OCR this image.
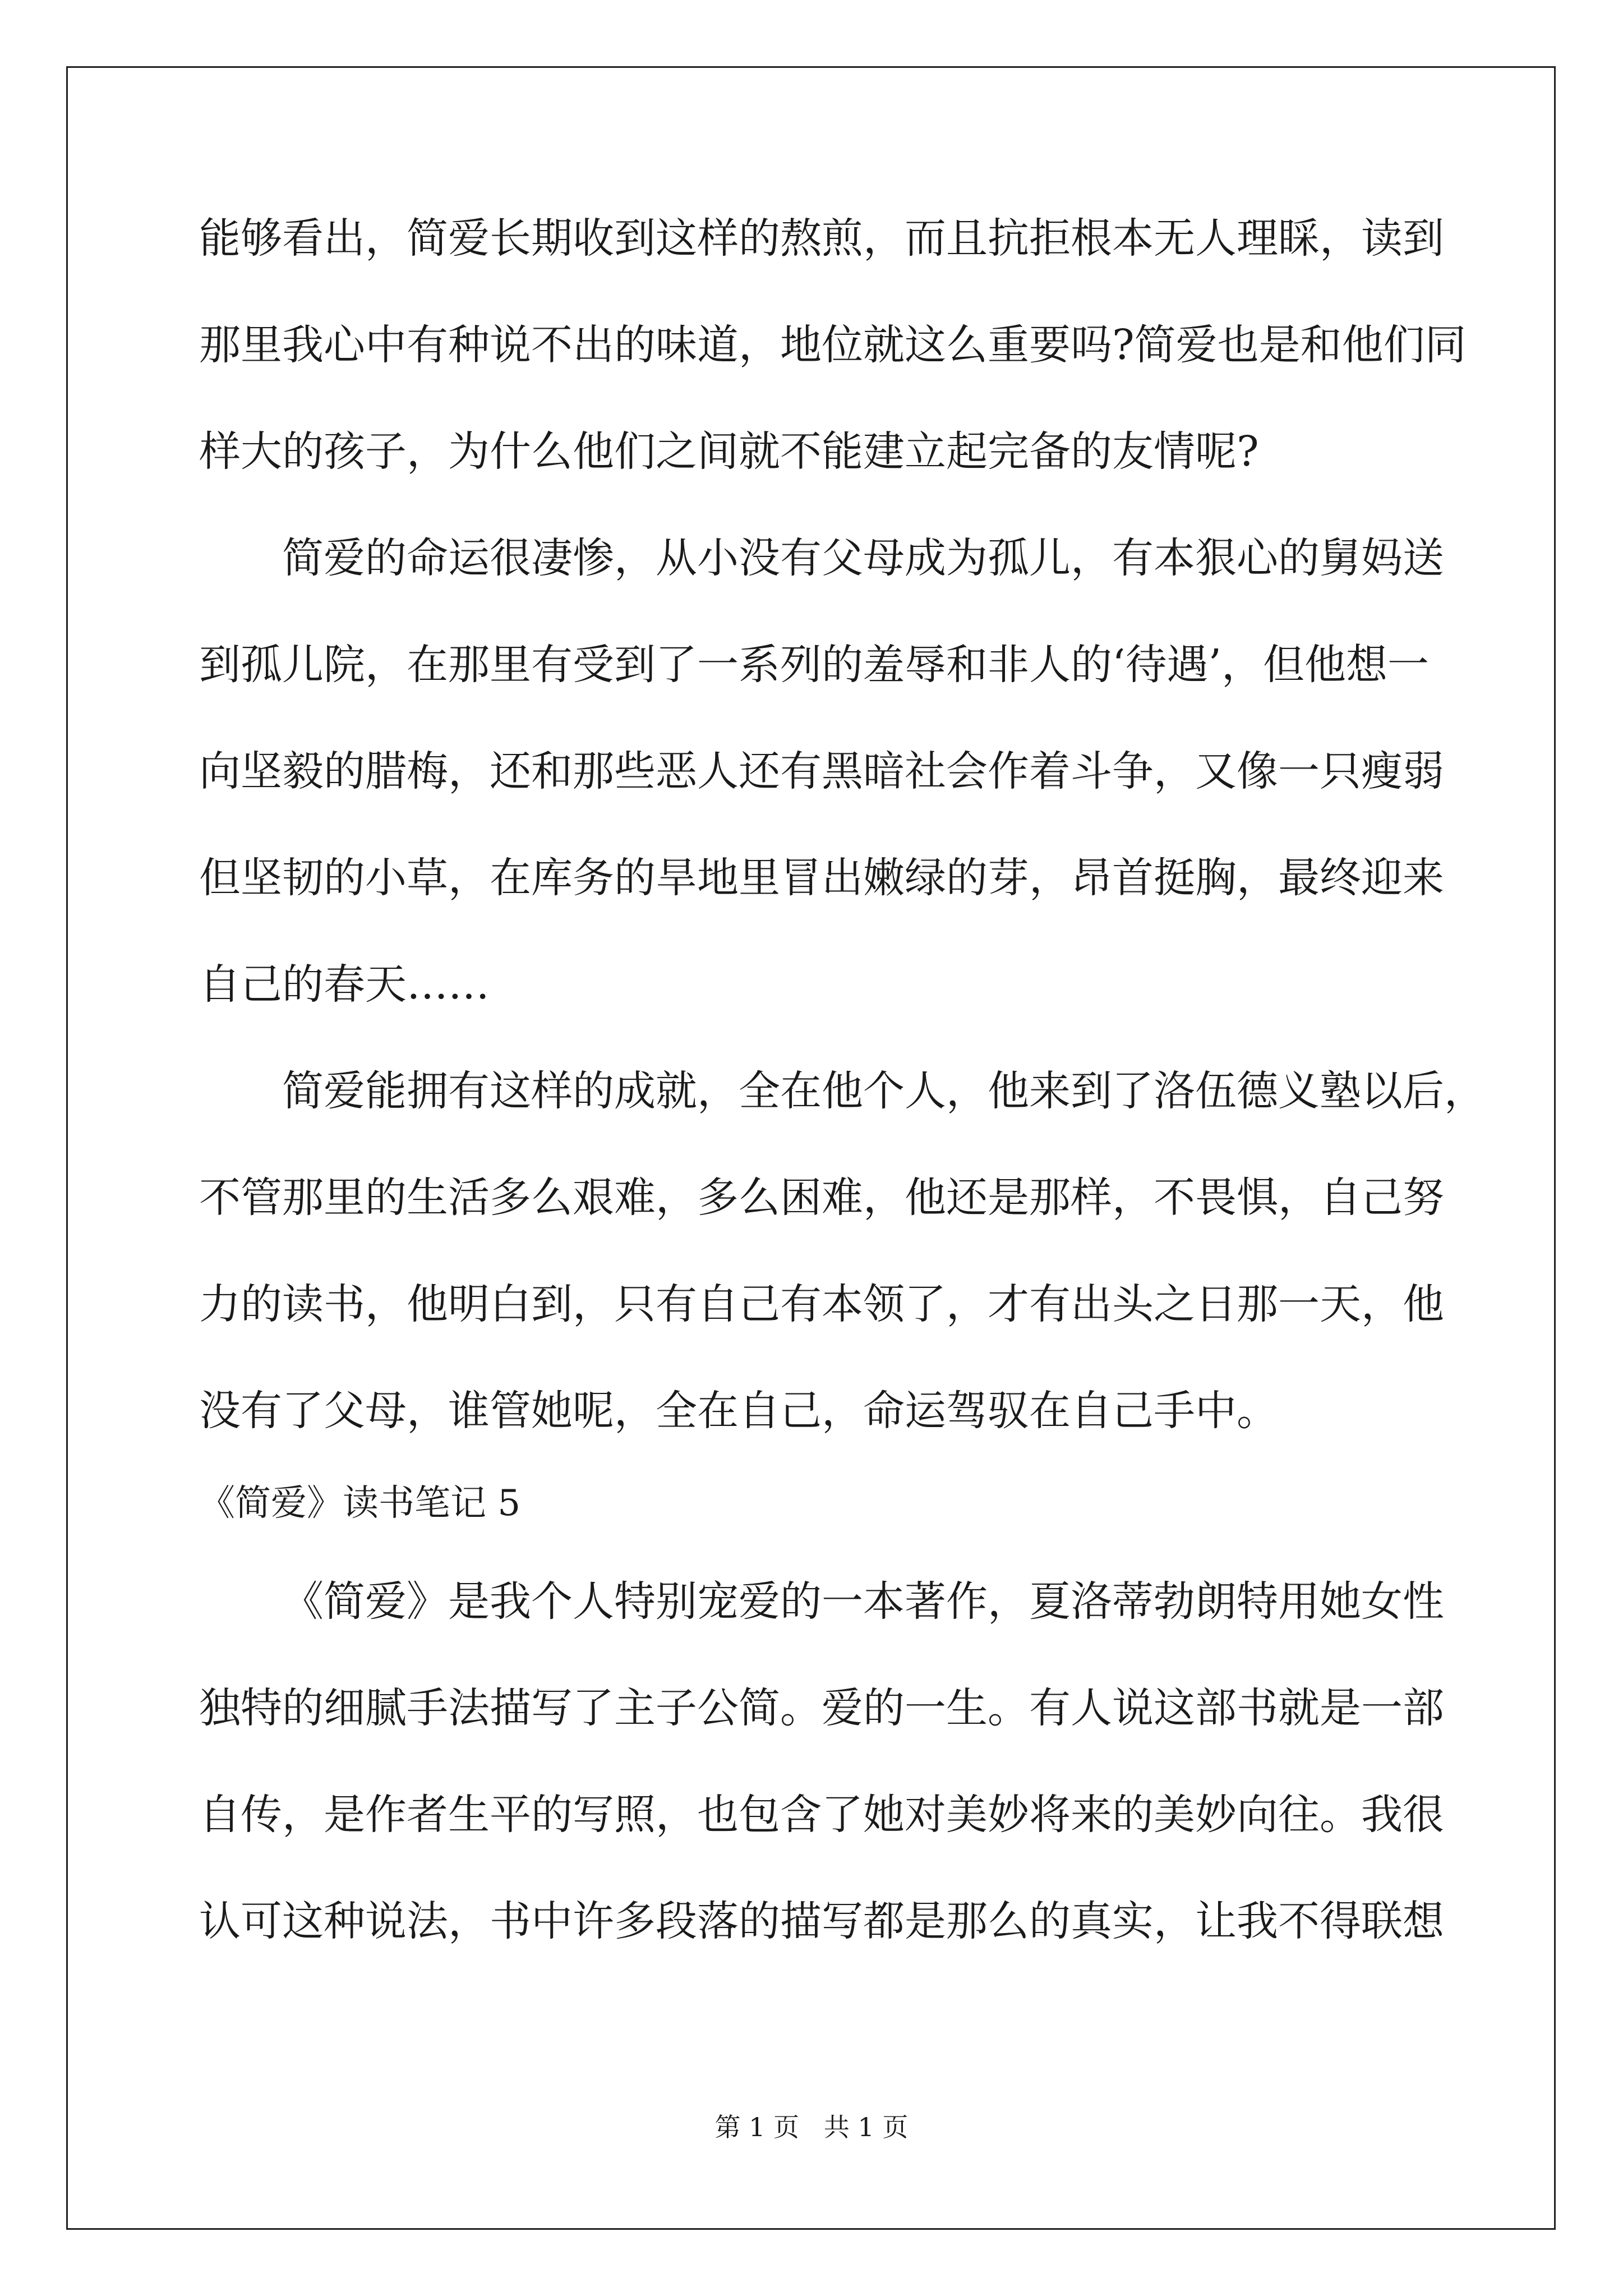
能够看出，简爱长期收到这样的熬煎，而且抗拒根本无人理睬，读到
那里我心中有种说不出的味道，地位就这么重要吗?简爱也是和他们同
样大的孩子，为什么他们之间就不能建立起完备的友情呢?
简爱的命运很凄惨，从小没有父母成为孤儿，有本狠心的舅妈送
到孤儿院，在那里有受到了一系列的羞辱和非人的‘待遇’，但他想一
向坚毅的腊梅，还和那些恶人还有黑暗社会作着斗争，又像一只瘦弱
但坚韧的小草，在库务的旱地里冒出嫩绿的芽，昂首挺胸，最终迎来
自己的春天……
简爱能拥有这样的成就，全在他个人，他来到了洛伍德义塾以后，
不管那里的生活多么艰难，多么困难，他还是那样，不畏惧，自己努
力的读书，他明白到，只有自己有本领了，才有出头之日那一天，他
没有了父母，谁管她呢，全在自己，命运驾驭在自己手中。
《简爱》读书笔记 5
《简爱》是我个人特别宠爱的一本著作，夏洛蒂勃朗特用她女性
独特的细腻手法描写了主子公简。爱的一生。有人说这部书就是一部
自传，是作者生平的写照，也包含了她对美妙将来的美妙向往。我很
认可这种说法，书中许多段落的描写都是那么的真实，让我不得联想
第 1 页   共 1 页
